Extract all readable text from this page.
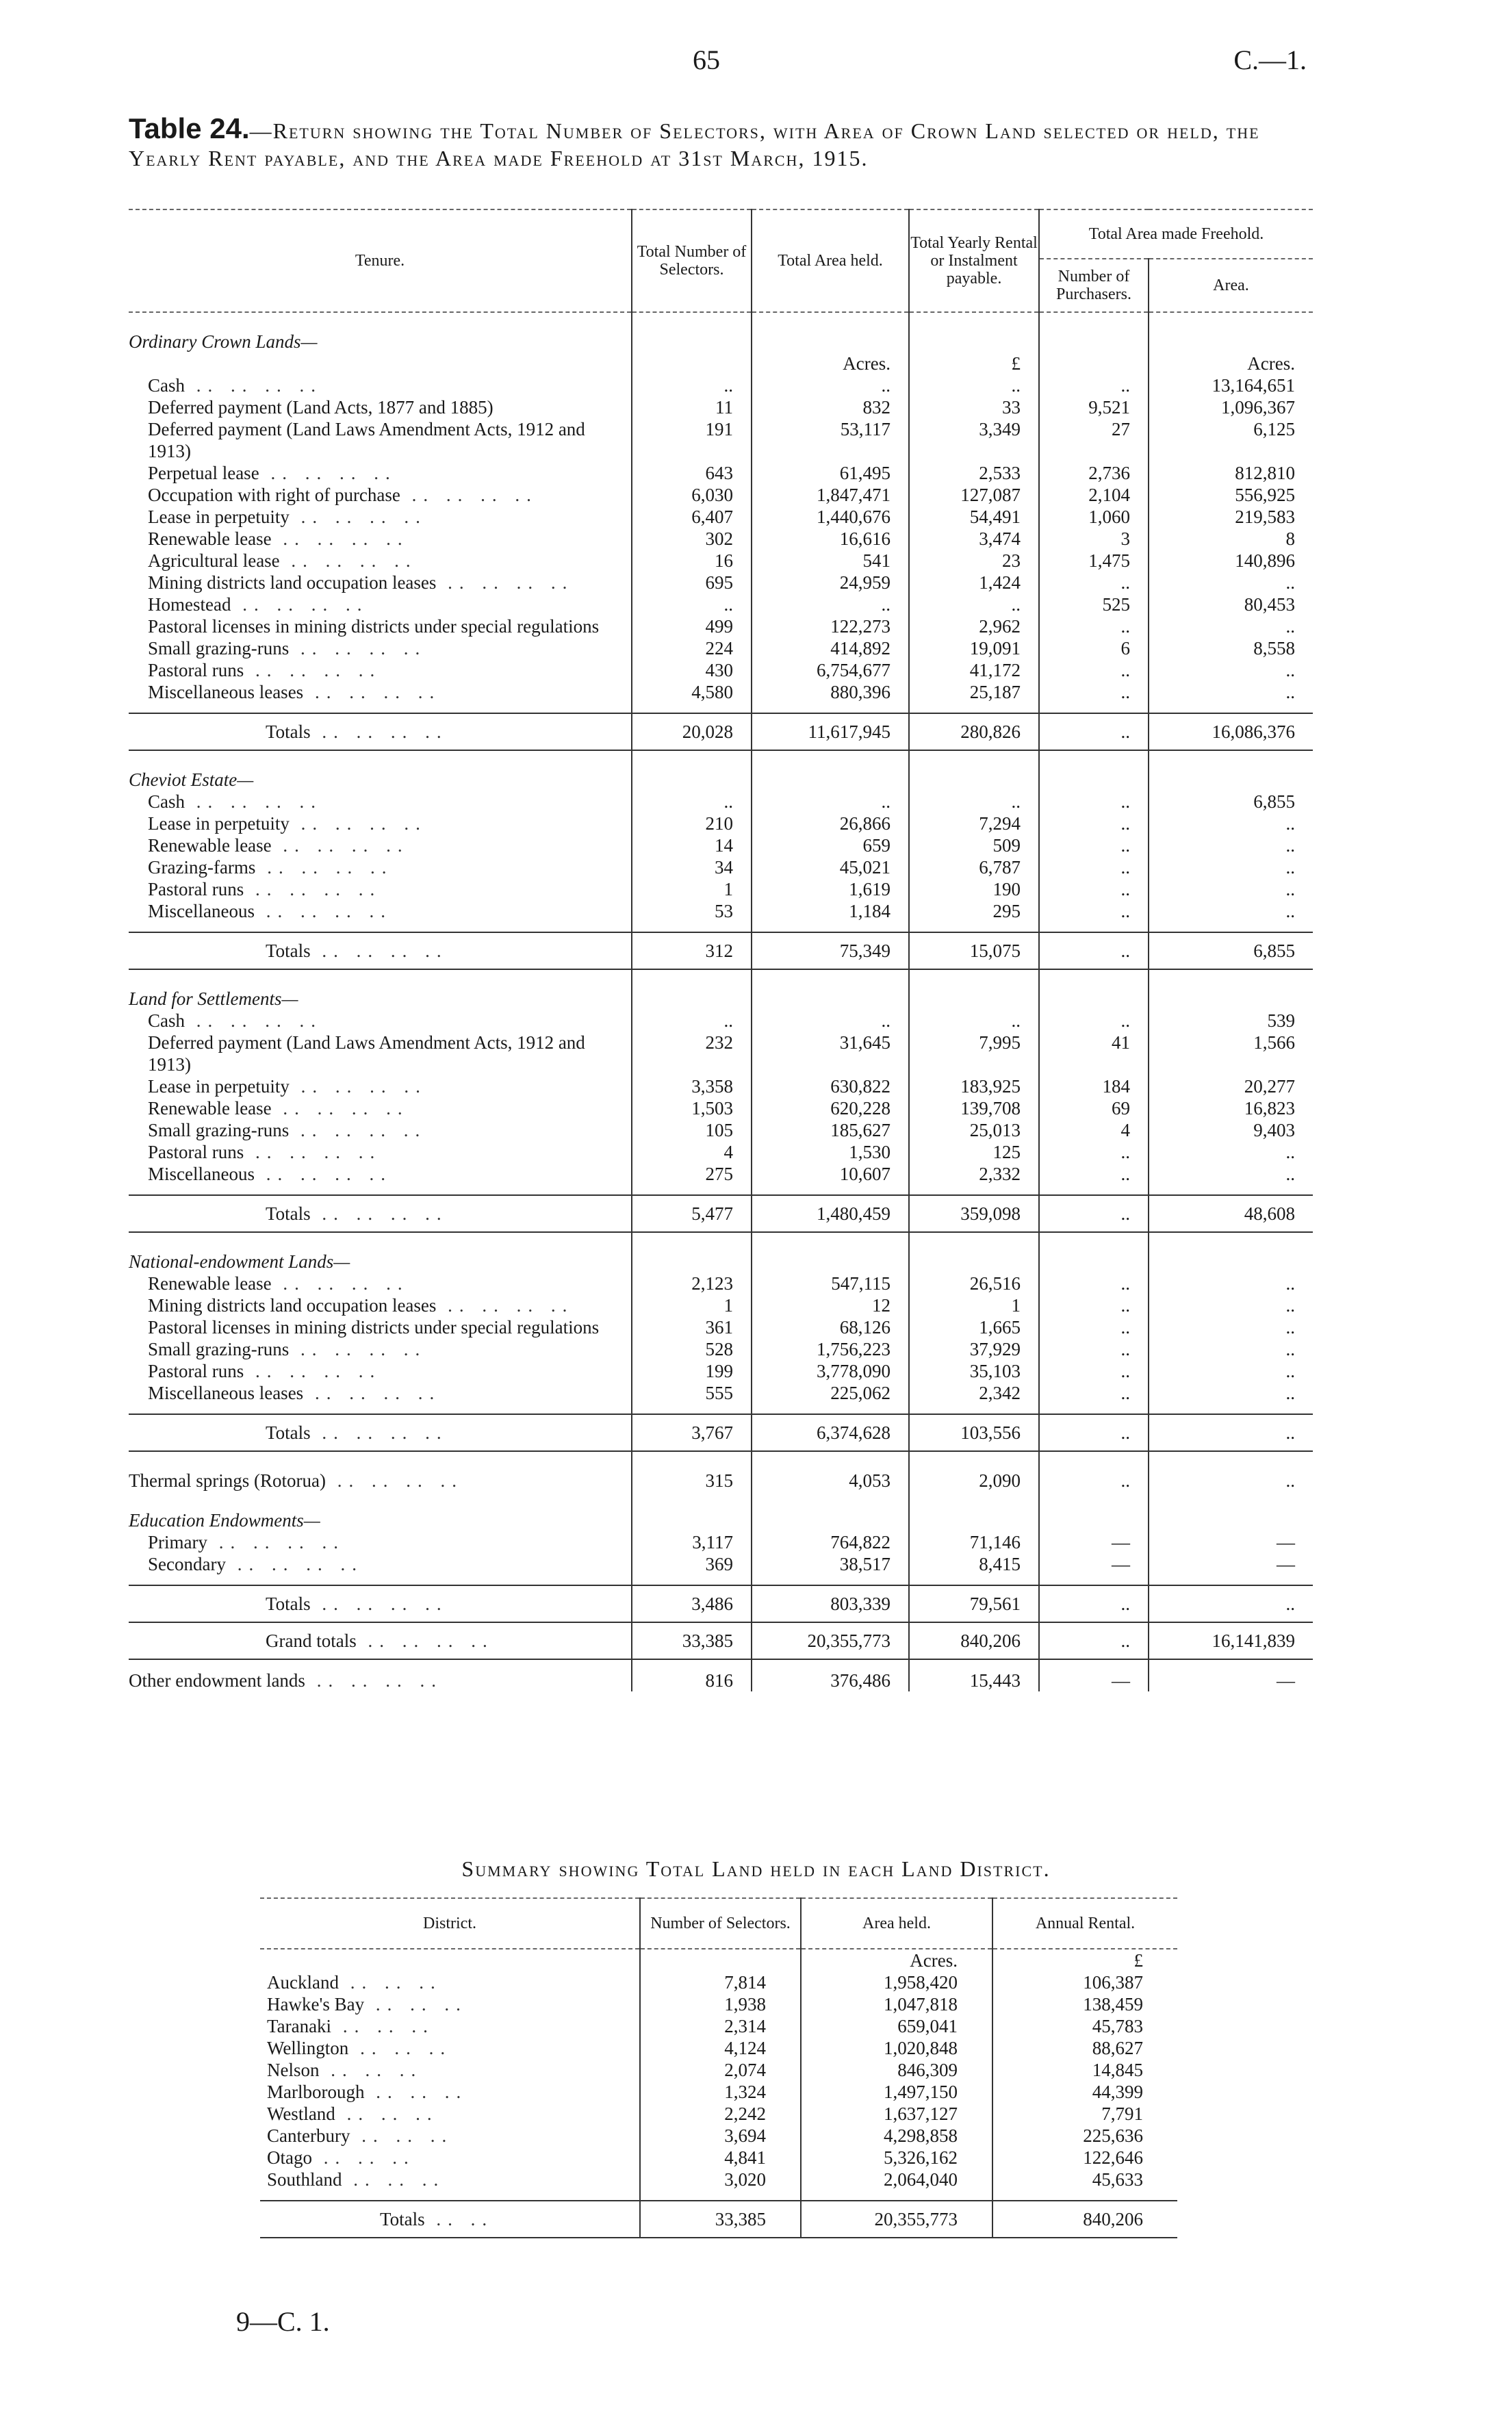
65	C.—1.
Table 24.—Return showing the Total Number of Selectors, with Area of Crown Land selected or held, the Yearly Rent payable, and the Area made Freehold at 31st March, 1915.
Tenure.	Total Number of Selectors.	Total Area held.	Total Yearly Rental or Instalment payable.	Total Area made Freehold.	
				Number of Purchasers.	Area.

Ordinary Crown Lands—					
		Acres.	£		Acres.
Cash .. .. .. ..	..	..	..	..	13,164,651
Deferred payment (Land Acts, 1877 and 1885)	11	832	33	9,521	1,096,367
Deferred payment (Land Laws Amendment Acts, 1912 and 1913)	191	53,117	3,349	27	6,125
Perpetual lease .. .. .. ..	643	61,495	2,533	2,736	812,810
Occupation with right of purchase .. .. .. ..	6,030	1,847,471	127,087	2,104	556,925
Lease in perpetuity .. .. .. ..	6,407	1,440,676	54,491	1,060	219,583
Renewable lease .. .. .. ..	302	16,616	3,474	3	8
Agricultural lease .. .. .. ..	16	541	23	1,475	140,896
Mining districts land occupation leases .. .. .. ..	695	24,959	1,424	..	..
Homestead .. .. .. ..	..	..	..	525	80,453
Pastoral licenses in mining districts under special regulations	499	122,273	2,962	..	..
Small grazing-runs .. .. .. ..	224	414,892	19,091	6	8,558
Pastoral runs .. .. .. ..	430	6,754,677	41,172	..	..
Miscellaneous leases .. .. .. ..	4,580	880,396	25,187	..	..

Totals .. .. .. ..	20,028	11,617,945	280,826	..	16,086,376

Cheviot Estate—					
Cash .. .. .. ..	..	..	..	..	6,855
Lease in perpetuity .. .. .. ..	210	26,866	7,294	..	..
Renewable lease .. .. .. ..	14	659	509	..	..
Grazing-farms .. .. .. ..	34	45,021	6,787	..	..
Pastoral runs .. .. .. ..	1	1,619	190	..	..
Miscellaneous .. .. .. ..	53	1,184	295	..	..

Totals .. .. .. ..	312	75,349	15,075	..	6,855

Land for Settlements—					
Cash .. .. .. ..	..	..	..	..	539
Deferred payment (Land Laws Amendment Acts, 1912 and 1913)	232	31,645	7,995	41	1,566
Lease in perpetuity .. .. .. ..	3,358	630,822	183,925	184	20,277
Renewable lease .. .. .. ..	1,503	620,228	139,708	69	16,823
Small grazing-runs .. .. .. ..	105	185,627	25,013	4	9,403
Pastoral runs .. .. .. ..	4	1,530	125	..	..
Miscellaneous .. .. .. ..	275	10,607	2,332	..	..

Totals .. .. .. ..	5,477	1,480,459	359,098	..	48,608

National-endowment Lands—					
Renewable lease .. .. .. ..	2,123	547,115	26,516	..	..
Mining districts land occupation leases .. .. .. ..	1	12	1	..	..
Pastoral licenses in mining districts under special regulations	361	68,126	1,665	..	..
Small grazing-runs .. .. .. ..	528	1,756,223	37,929	..	..
Pastoral runs .. .. .. ..	199	3,778,090	35,103	..	..
Miscellaneous leases .. .. .. ..	555	225,062	2,342	..	..

Totals .. .. .. ..	3,767	6,374,628	103,556	..	..

Thermal springs (Rotorua) .. .. .. ..	315	4,053	2,090	..	..

Education Endowments—					
Primary .. .. .. ..	3,117	764,822	71,146	—	—
Secondary .. .. .. ..	369	38,517	8,415	—	—

Totals .. .. .. ..	3,486	803,339	79,561	..	..
Grand totals .. .. .. ..	33,385	20,355,773	840,206	..	16,141,839

Other endowment lands .. .. .. ..	816	376,486	15,443	—	—
Summary showing Total Land held in each Land District.
District.	Number of Selectors.	Area held.	Annual Rental.
		Acres.	£
Auckland .. .. ..	7,814	1,958,420	106,387
Hawke's Bay .. .. ..	1,938	1,047,818	138,459
Taranaki .. .. ..	2,314	659,041	45,783
Wellington .. .. ..	4,124	1,020,848	88,627
Nelson .. .. ..	2,074	846,309	14,845
Marlborough .. .. ..	1,324	1,497,150	44,399
Westland .. .. ..	2,242	1,637,127	7,791
Canterbury .. .. ..	3,694	4,298,858	225,636
Otago .. .. ..	4,841	5,326,162	122,646
Southland .. .. ..	3,020	2,064,040	45,633

Totals .. ..	33,385	20,355,773	840,206
9—C. 1.
